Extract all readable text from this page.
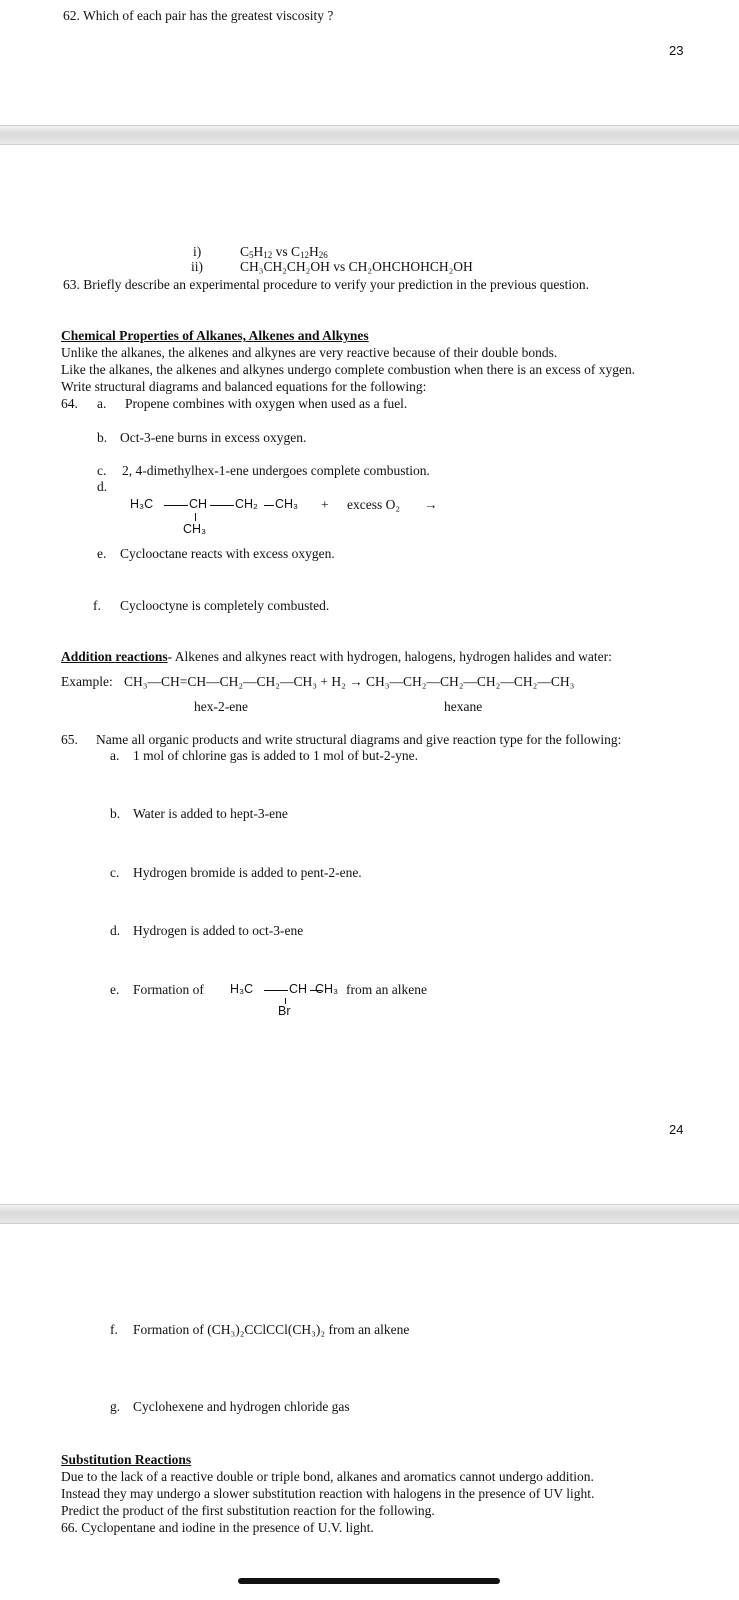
62. Which of each pair has the greatest viscosity ?
23
i)	$C_5H_{12}$ vs $C_{12}H_{26}$
ii)	CH₃CH₂CH₂OH vs CH₂OHCHOHCH₂OH
63. Briefly describe an experimental procedure to verify your prediction in the previous question.
Chemical Properties of Alkanes, Alkenes and Alkynes
Unlike the alkanes, the alkenes and alkynes are very reactive because of their double bonds.
Like the alkanes, the alkenes and alkynes undergo complete combustion when there is an excess of xygen.
Write structural diagrams and balanced equations for the following:
64. a. Propene combines with oxygen when used as a fuel.
b. Oct-3-ene burns in excess oxygen.
c. 2, 4-dimethylhex-1-ene undergoes complete combustion.
d.
H₃C	CH CH₂ CH₃
CH₃
+ excess O₂ →
e. Cyclooctane reacts with excess oxygen.
f. Cyclooctyne is completely combusted.
Addition reactions- Alkenes and alkynes react with hydrogen, halogens, hydrogen halides and water:
Example: CH₃—CH=CH—CH₂—CH₂—CH₃ + H₂ → CH₃—CH₂—CH₂—CH₂—CH₂—CH₃
hex-2-ene	hexane
65. Name all organic products and write structural diagrams and give reaction type for the following:
a. 1 mol of chlorine gas is added to 1 mol of but-2-yne.
b. Water is added to hept-3-ene
c. Hydrogen bromide is added to pent-2-ene.
d. Hydrogen is added to oct-3-ene
e. Formation of H₃C	CH CH₃
Br
from an alkene
24
f. Formation of (CH₃)₂CClCCl(CH₃)₂ from an alkene
g. Cyclohexene and hydrogen chloride gas
Substitution Reactions
Due to the lack of a reactive double or triple bond, alkanes and aromatics cannot undergo addition.
Instead they may undergo a slower substitution reaction with halogens in the presence of UV light.
Predict the product of the first substitution reaction for the following.
66. Cyclopentane and iodine in the presence of U.V. light.
